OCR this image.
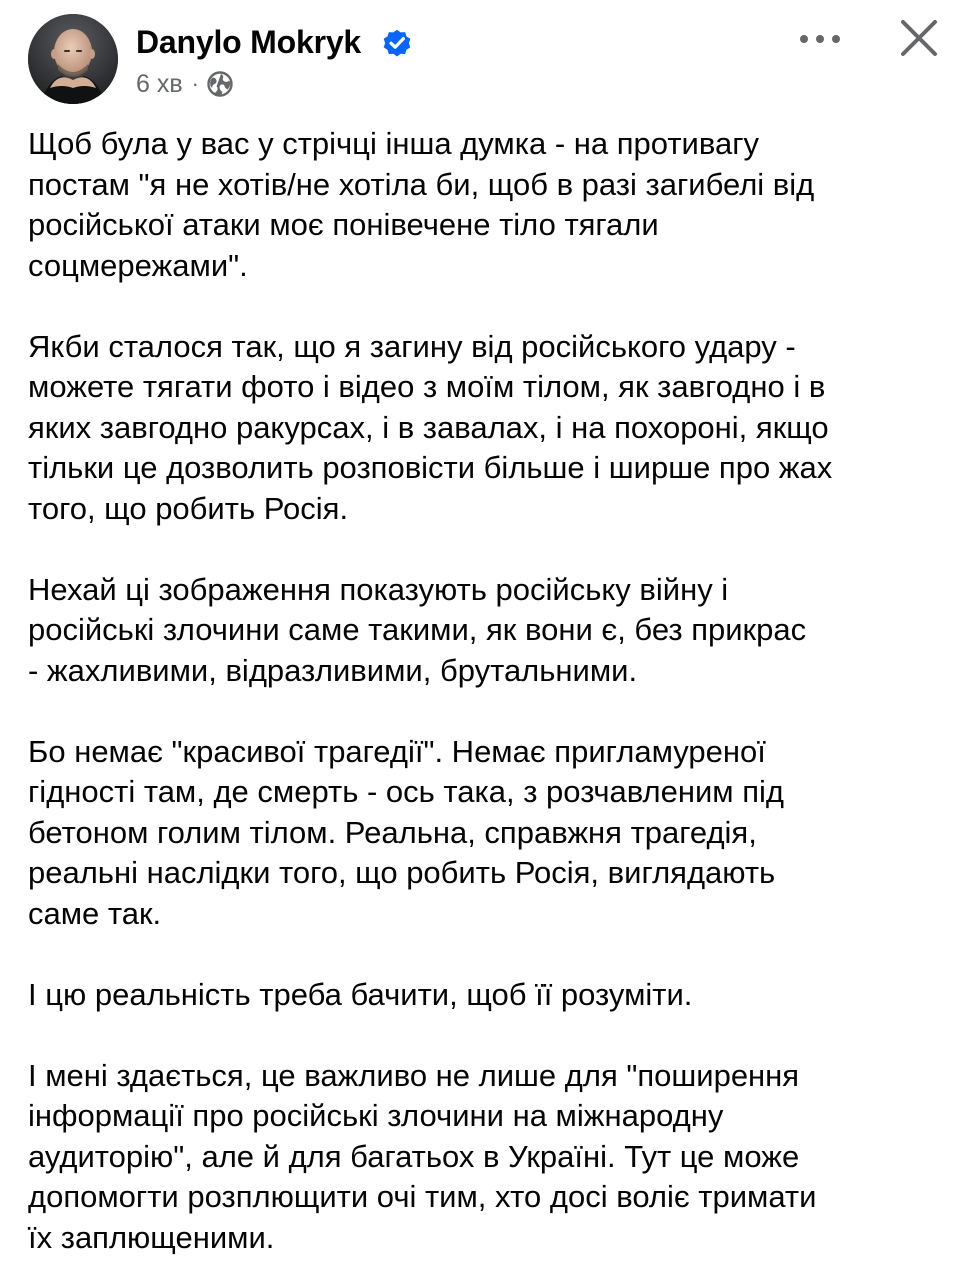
Danylo Mokryk
6 хв ·

Щоб була у вас у стрічці інша думка - на противагу
постам "я не хотів/не хотіла би, щоб в разі загибелі від
російської атаки моє понівечене тіло тягали
соцмережами".

Якби сталося так, що я загину від російського удару -
можете тягати фото і відео з моїм тілом, як завгодно і в
яких завгодно ракурсах, і в завалах, і на похороні, якщо
тільки це дозволить розповісти більше і ширше про жах
того, що робить Росія.

Нехай ці зображення показують російську війну і
російські злочини саме такими, як вони є, без прикрас
- жахливими, відразливими, брутальними.

Бо немає "красивої трагедії". Немає пригламуреної
гідності там, де смерть - ось така, з розчавленим під
бетоном голим тілом. Реальна, справжня трагедія,
реальні наслідки того, що робить Росія, виглядають
саме так.

І цю реальність треба бачити, щоб її розуміти.

І мені здається, це важливо не лише для "поширення
інформації про російські злочини на міжнародну
аудиторію", але й для багатьох в Україні. Тут це може
допомогти розплющити очі тим, хто досі воліє тримати
їх заплющеними.
